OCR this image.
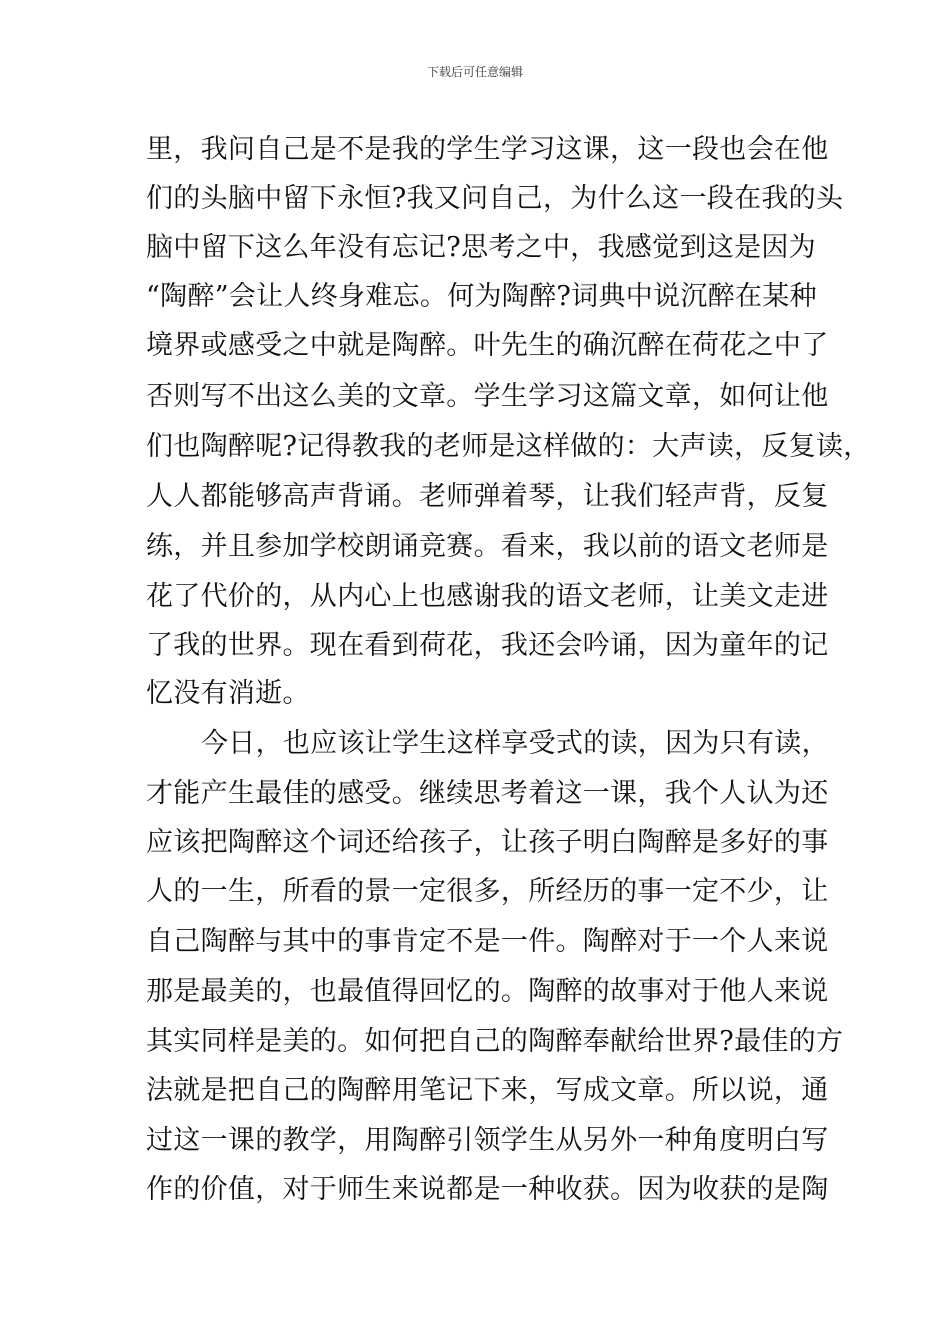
下载后可任意编辑
里，我问自己是不是我的学生学习这课，这一段也会在他
们的头脑中留下永恒?我又问自己，为什么这一段在我的头
脑中留下这么年没有忘记?思考之中，我感觉到这是因为
“陶醉”会让人终身难忘。何为陶醉?词典中说沉醉在某种
境界或感受之中就是陶醉。叶先生的确沉醉在荷花之中了
否则写不出这么美的文章。学生学习这篇文章，如何让他
们也陶醉呢?记得教我的老师是这样做的：大声读，反复读，
人人都能够高声背诵。老师弹着琴，让我们轻声背，反复
练，并且参加学校朗诵竞赛。看来，我以前的语文老师是
花了代价的，从内心上也感谢我的语文老师，让美文走进
了我的世界。现在看到荷花，我还会吟诵，因为童年的记
忆没有消逝。
今日，也应该让学生这样享受式的读，因为只有读，
才能产生最佳的感受。继续思考着这一课，我个人认为还
应该把陶醉这个词还给孩子，让孩子明白陶醉是多好的事
人的一生，所看的景一定很多，所经历的事一定不少，让
自己陶醉与其中的事肯定不是一件。陶醉对于一个人来说
那是最美的，也最值得回忆的。陶醉的故事对于他人来说
其实同样是美的。如何把自己的陶醉奉献给世界?最佳的方
法就是把自己的陶醉用笔记下来，写成文章。所以说，通
过这一课的教学，用陶醉引领学生从另外一种角度明白写
作的价值，对于师生来说都是一种收获。因为收获的是陶
